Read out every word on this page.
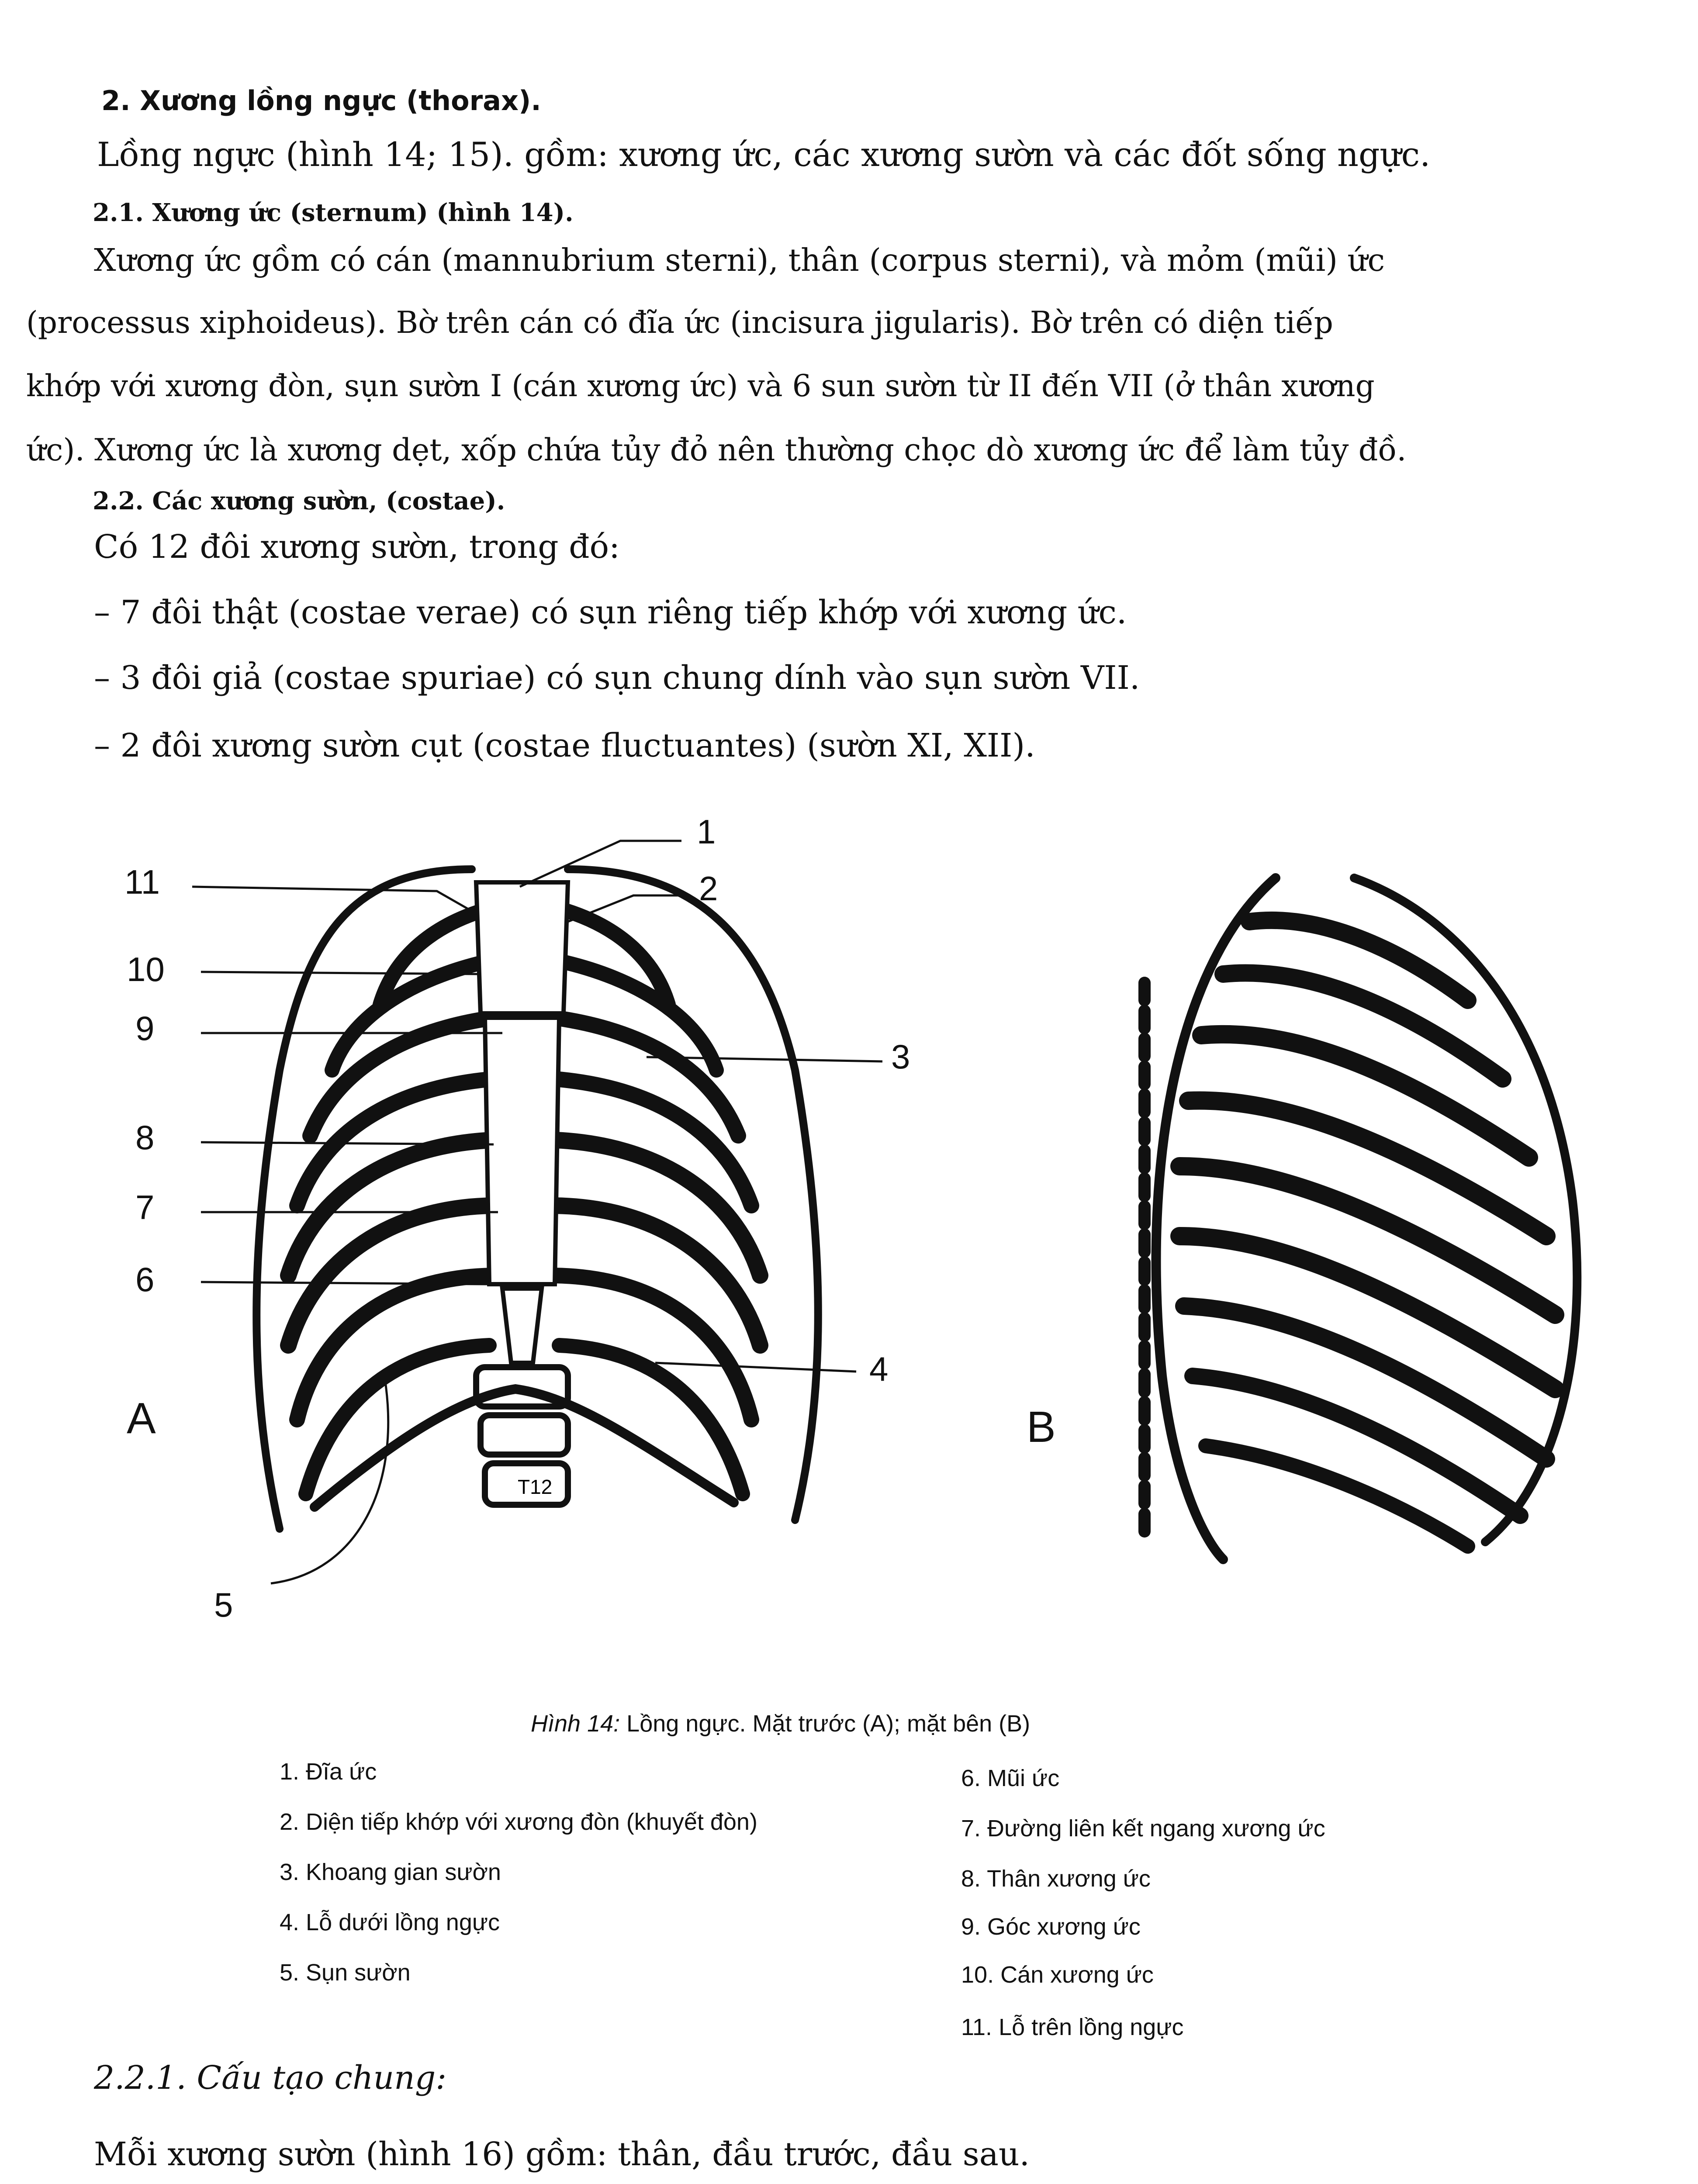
2. Xương lồng ngực (thorax).
Lồng ngực (hình 14; 15). gồm: xương ức, các xương sườn và các đốt sống ngực.
2.1. Xương ức (sternum) (hình 14).
Xương ức gồm có cán (mannubrium sterni), thân (corpus sterni), và mỏm (mũi) ức
(processus xiphoideus). Bờ trên cán có đĩa ức (incisura jigularis). Bờ trên có diện tiếp
khớp với xương đòn, sụn sườn I (cán xương ức) và 6 sun sườn từ II đến VII (ở thân xương
ức). Xương ức là xương dẹt, xốp chứa tủy đỏ nên thường chọc dò xương ức để làm tủy đồ.
2.2. Các xương sườn, (costae).
Có 12 đôi xương sườn, trong đó:
– 7 đôi thật (costae verae) có sụn riêng tiếp khớp với xương ức.
– 3 đôi giả (costae spuriae) có sụn chung dính vào sụn sườn VII.
– 2 đôi xương sườn cụt (costae fluctuantes) (sườn XI, XII).
T12
11
10
9
8
7
6
1
2
3
4
5
A	B
Hình 14: Lồng ngực. Mặt trước (A); mặt bên (B)
1. Đĩa ức
2. Diện tiếp khớp với xương đòn (khuyết đòn)
3. Khoang gian sườn
4. Lỗ dưới lồng ngực
5. Sụn sườn
6. Mũi ức
7. Đường liên kết ngang xương ức
8. Thân xương ức
9. Góc xương ức
10. Cán xương ức
11. Lỗ trên lồng ngực
2.2.1. Cấu tạo chung:
Mỗi xương sườn (hình 16) gồm: thân, đầu trước, đầu sau.
